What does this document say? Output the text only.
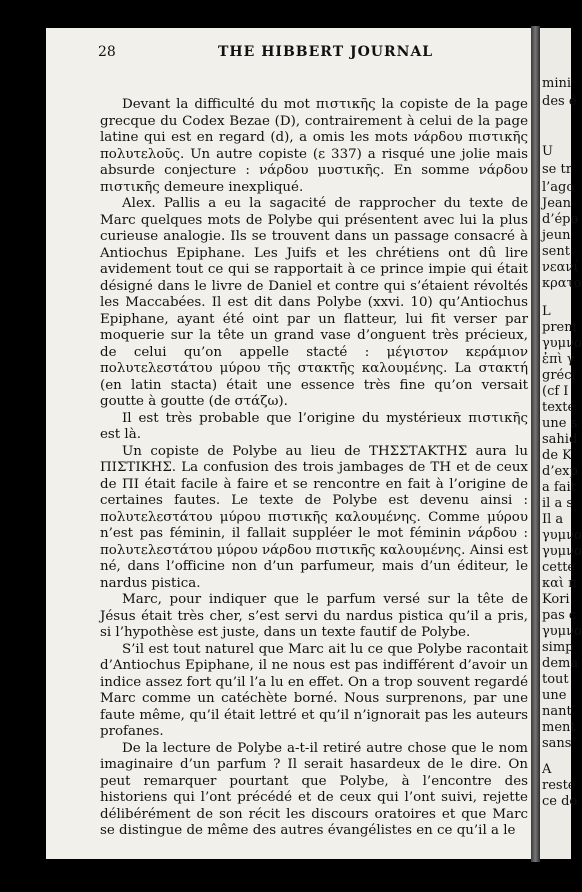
mini
des é
U
se tr
l’ago
Jean
d’épo
jeun
sent
νεανί
κρατο
L
prem
γυμνο
ἐπὶ γ
gréci
(cf I
texte
une s
sahid
de K
d’exp
a fait
il a s
Il a
γυμνο
γυμνο
cette
καὶ π
Kori
pas c
γυμνο
simp
dema
tout
une
nant
ment
sans
A
reste
ce do
28	THE HIBBERT JOURNAL

Devant la difficulté du mot πιστικῆς la copiste de la page grecque du Codex Bezae (D), contrairement à celui de la page latine qui est en regard (d), a omis les mots νάρδου πιστικῆς πολυτελοῦς. Un autre copiste (ε 337) a risqué une jolie mais absurde conjecture : νάρδου μυστικῆς. En somme νάρδου πιστικῆς demeure inexpliqué.

Alex. Pallis a eu la sagacité de rapprocher du texte de Marc quelques mots de Polybe qui présentent avec lui la plus curieuse analogie. Ils se trouvent dans un passage consacré à Antiochus Epiphane. Les Juifs et les chrétiens ont dû lire avidement tout ce qui se rapportait à ce prince impie qui était désigné dans le livre de Daniel et contre qui s’étaient révoltés les Maccabées. Il est dit dans Polybe (xxvi. 10) qu’Antiochus Epiphane, ayant été oint par un flatteur, lui fit verser par moquerie sur la tête un grand vase d’onguent très précieux, de celui qu’on appelle stacté : μέγιστον κεράμιον πολυτελεστάτου μύρου τῆς στακτῆς καλουμένης. La στακτή (en latin stacta) était une essence très fine qu’on versait goutte à goutte (de στάζω).

Il est très probable que l’origine du mystérieux πιστικῆς est là.

Un copiste de Polybe au lieu de ΤΗΣΣΤΑΚΤΗΣ aura lu ΠΙΣΤΙΚΗΣ. La confusion des trois jambages de TH et de ceux de ΠΙ était facile à faire et se rencontre en fait à l’origine de certaines fautes. Le texte de Polybe est devenu ainsi : πολυτελεστάτου μύρου πιστικῆς καλουμένης. Comme μύρου n’est pas féminin, il fallait suppléer le mot féminin νάρδου : πολυτελεστάτου μύρου νάρδου πιστικῆς καλουμένης. Ainsi est né, dans l’officine non d’un parfumeur, mais d’un éditeur, le nardus pistica.

Marc, pour indiquer que le parfum versé sur la tête de Jésus était très cher, s’est servi du nardus pistica qu’il a pris, si l’hypothèse est juste, dans un texte fautif de Polybe.

S’il est tout naturel que Marc ait lu ce que Polybe racontait d’Antiochus Epiphane, il ne nous est pas indifférent d’avoir un indice assez fort qu’il l’a lu en effet. On a trop souvent regardé Marc comme un catéchète borné. Nous surprenons, par une faute même, qu’il était lettré et qu’il n’ignorait pas les auteurs profanes.

De la lecture de Polybe a-t-il retiré autre chose que le nom imaginaire d’un parfum ? Il serait hasardeux de le dire. On peut remarquer pourtant que Polybe, à l’encontre des historiens qui l’ont précédé et de ceux qui l’ont suivi, rejette délibérément de son récit les discours oratoires et que Marc se distingue de même des autres évangélistes en ce qu’il a le
